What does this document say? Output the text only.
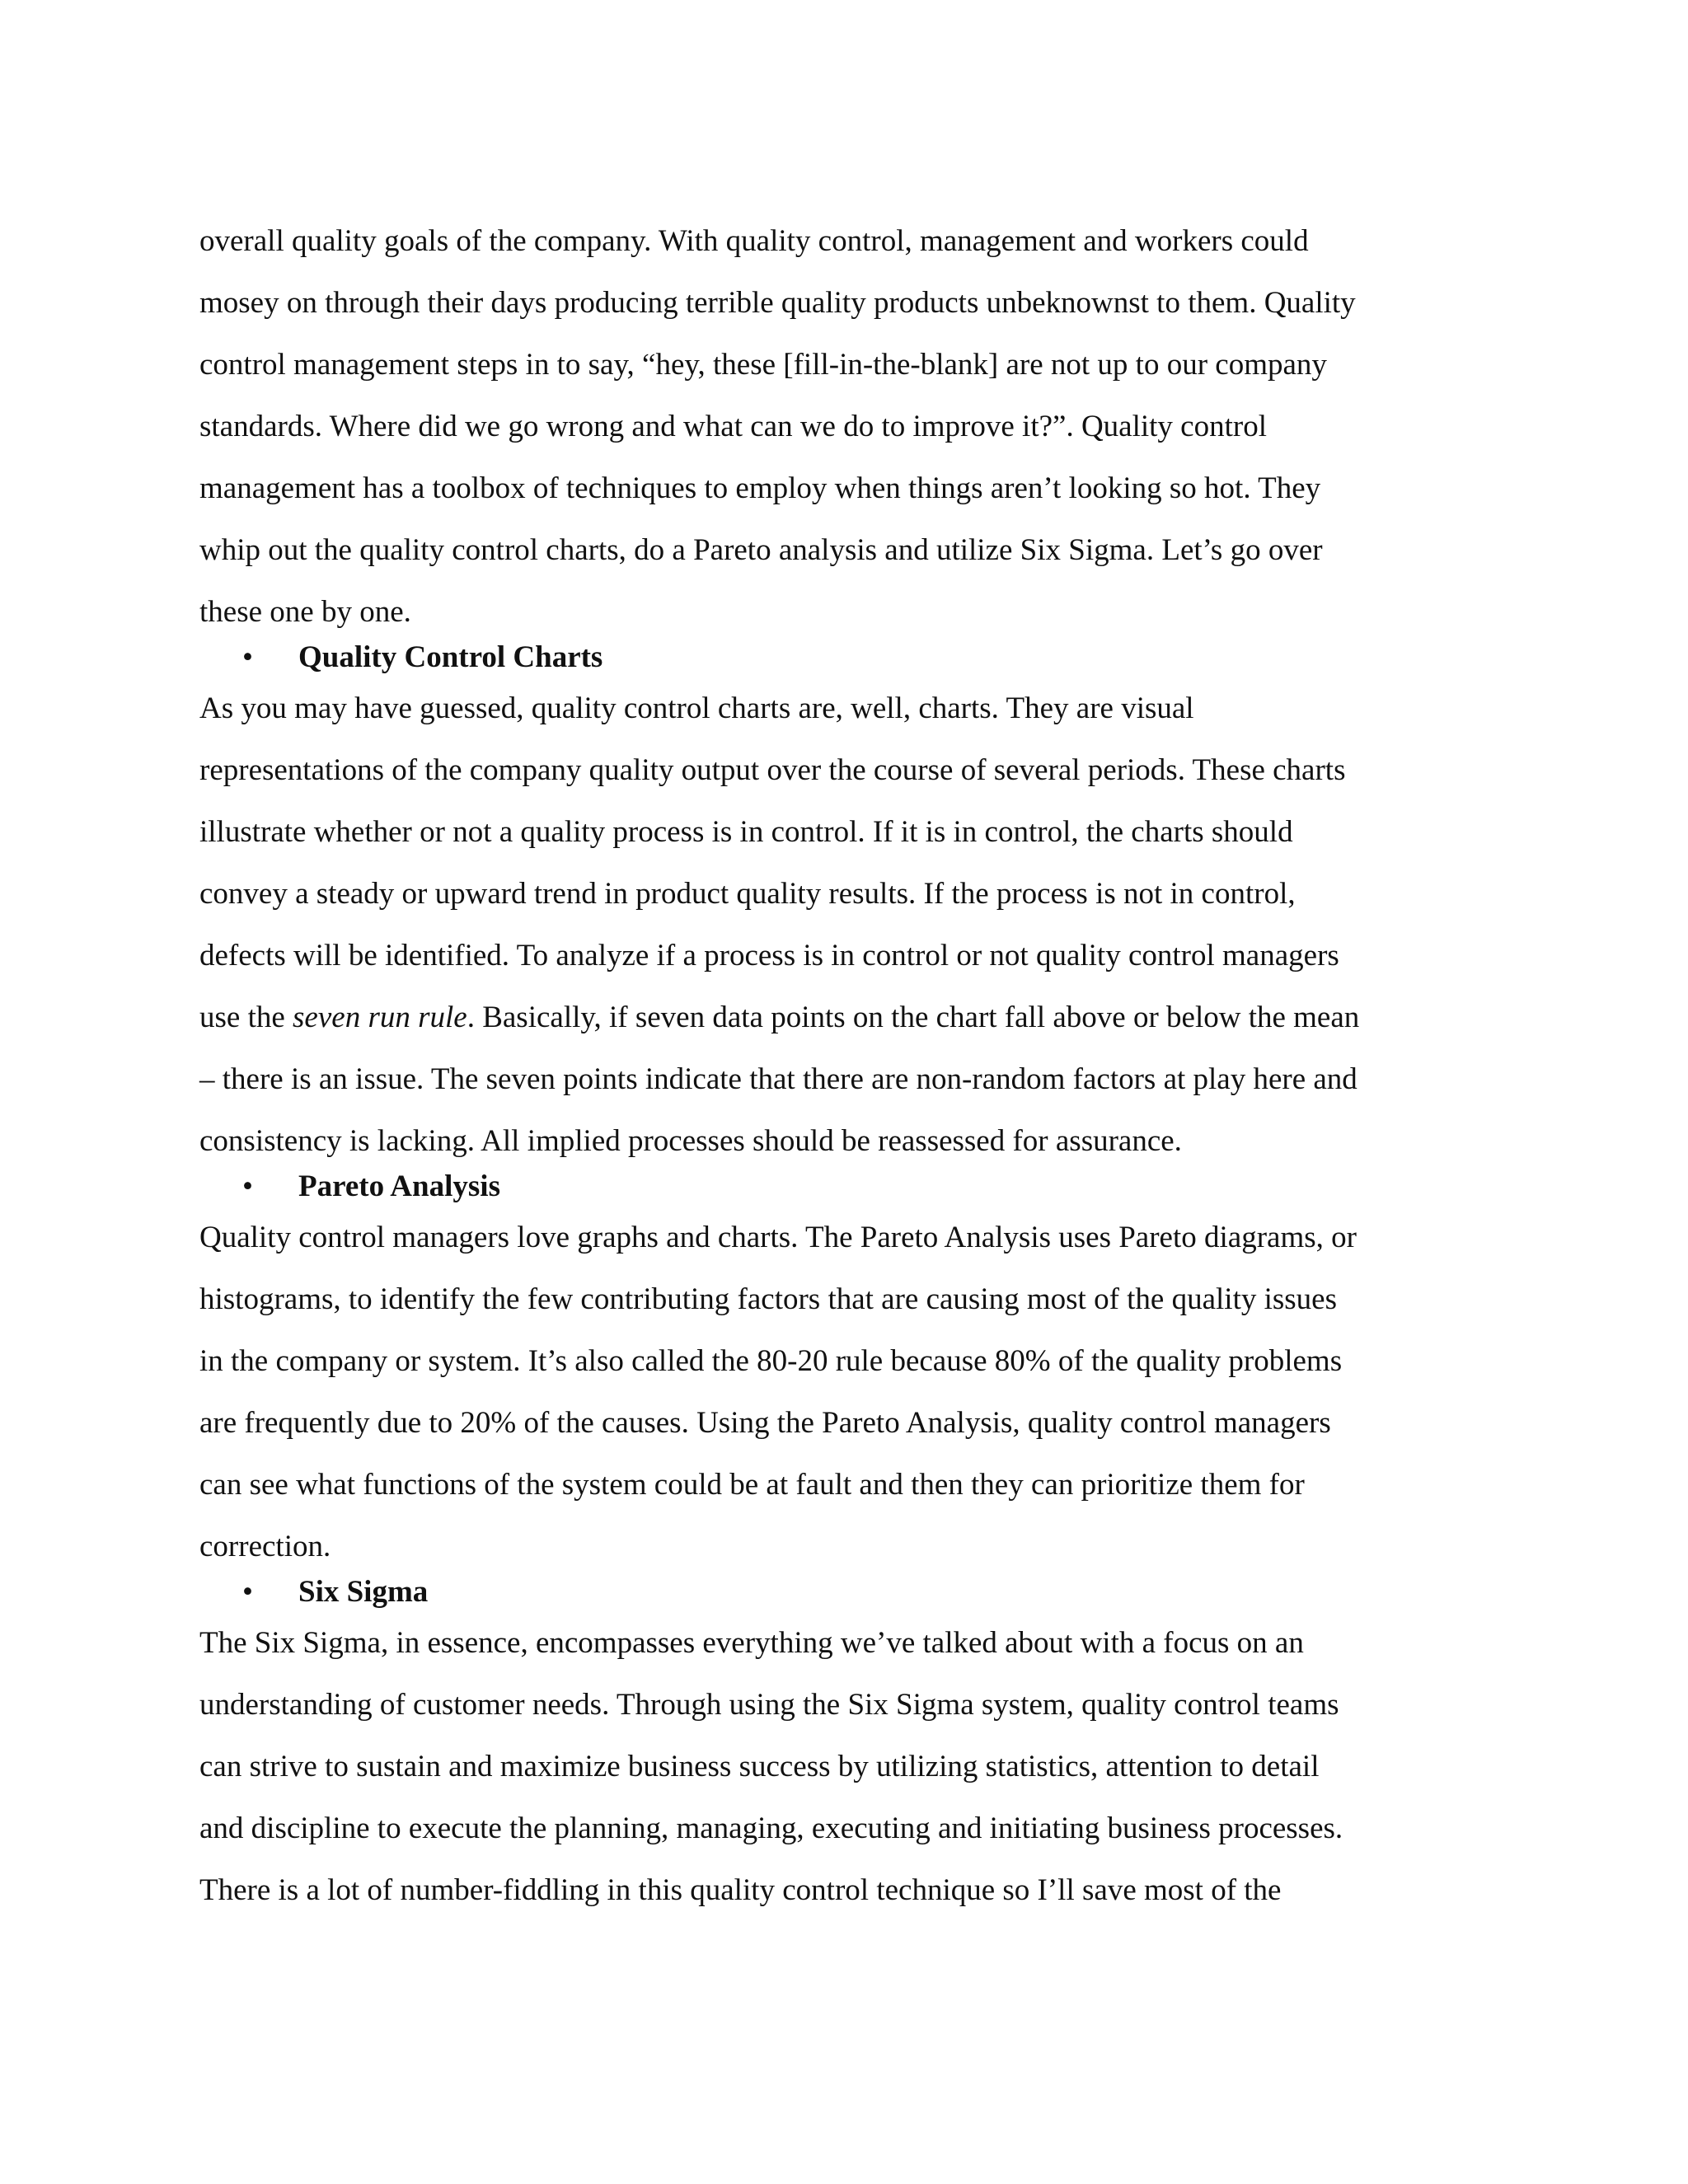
overall quality goals of the company. With quality control, management and workers could

mosey on through their days producing terrible quality products unbeknownst to them. Quality

control management steps in to say, “hey, these [fill-in-the-blank] are not up to our company

standards. Where did we go wrong and what can we do to improve it?”. Quality control

management has a toolbox of techniques to employ when things aren’t looking so hot. They

whip out the quality control charts, do a Pareto analysis and utilize Six Sigma. Let’s go over

these one by one.

• Quality Control Charts

As you may have guessed, quality control charts are, well, charts. They are visual

representations of the company quality output over the course of several periods. These charts

illustrate whether or not a quality process is in control. If it is in control, the charts should

convey a steady or upward trend in product quality results. If the process is not in control,

defects will be identified. To analyze if a process is in control or not quality control managers

use the seven run rule. Basically, if seven data points on the chart fall above or below the mean

– there is an issue. The seven points indicate that there are non-random factors at play here and

consistency is lacking. All implied processes should be reassessed for assurance.

• Pareto Analysis

Quality control managers love graphs and charts. The Pareto Analysis uses Pareto diagrams, or

histograms, to identify the few contributing factors that are causing most of the quality issues

in the company or system. It’s also called the 80-20 rule because 80% of the quality problems

are frequently due to 20% of the causes. Using the Pareto Analysis, quality control managers

can see what functions of the system could be at fault and then they can prioritize them for

correction.

• Six Sigma

The Six Sigma, in essence, encompasses everything we’ve talked about with a focus on an

understanding of customer needs. Through using the Six Sigma system, quality control teams

can strive to sustain and maximize business success by utilizing statistics, attention to detail

and discipline to execute the planning, managing, executing and initiating business processes.

There is a lot of number-fiddling in this quality control technique so I’ll save most of the
